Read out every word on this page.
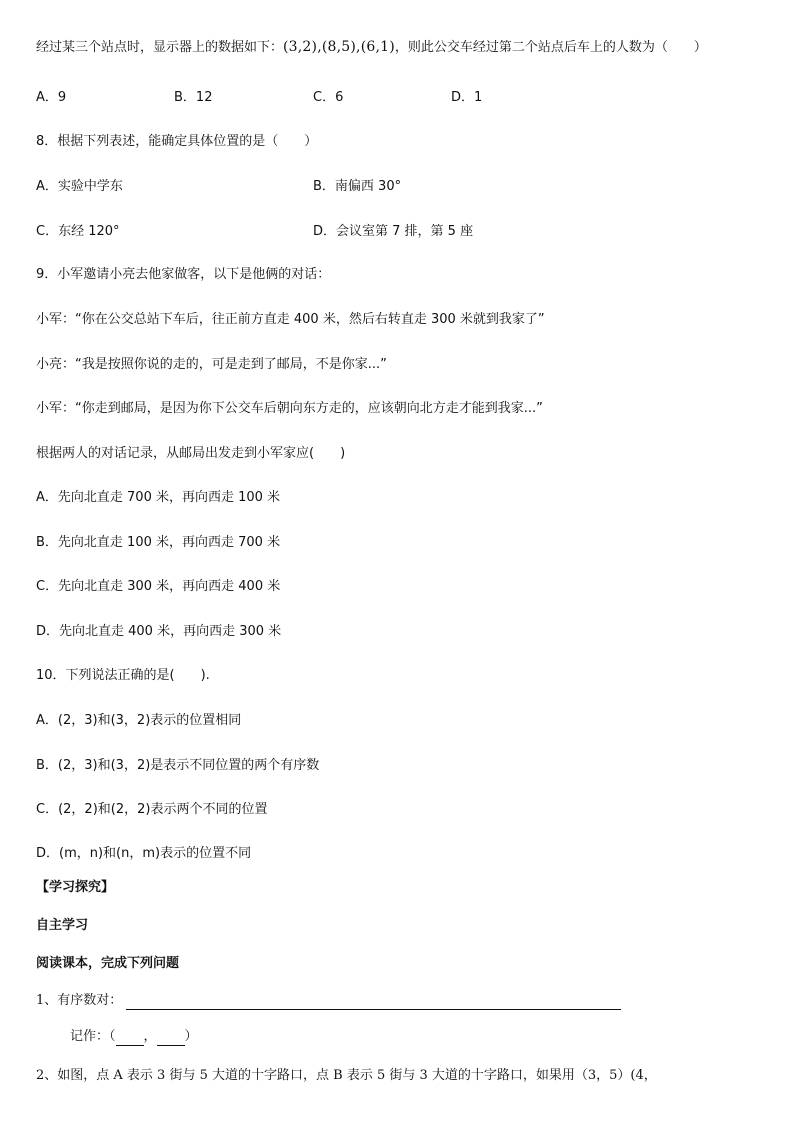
经过某三个站点时，显示器上的数据如下：(3,2),(8,5),(6,1)，则此公交车经过第二个站点后车上的人数为（　　）
A．9	B．12	C．6	D．1
8．根据下列表述，能确定具体位置的是（　　）
A．实验中学东	B．南偏西 30°
C．东经 120°	D．会议室第 7 排，第 5 座
9．小军邀请小亮去他家做客，以下是他俩的对话：
小军：“你在公交总站下车后，往正前方直走 400 米，然后右转直走 300 米就到我家了”
小亮：“我是按照你说的走的，可是走到了邮局，不是你家...”
小军：“你走到邮局，是因为你下公交车后朝向东方走的，应该朝向北方走才能到我家...”
根据两人的对话记录，从邮局出发走到小军家应(　　)
A．先向北直走 700 米，再向西走 100 米
B．先向北直走 100 米，再向西走 700 米
C．先向北直走 300 米，再向西走 400 米
D．先向北直走 400 米，再向西走 300 米
10．下列说法正确的是(　　).
A．(2，3)和(3，2)表示的位置相同
B．(2，3)和(3，2)是表示不同位置的两个有序数
C．(2，2)和(2，2)表示两个不同的位置
D．(m，n)和(n，m)表示的位置不同
【学习探究】
自主学习
阅读课本，完成下列问题
1、有序数对：
记作：（ ， ）
2、如图，点 A 表示 3 街与 5 大道的十字路口，点 B 表示 5 街与 3 大道的十字路口，如果用（3，5）(4，
